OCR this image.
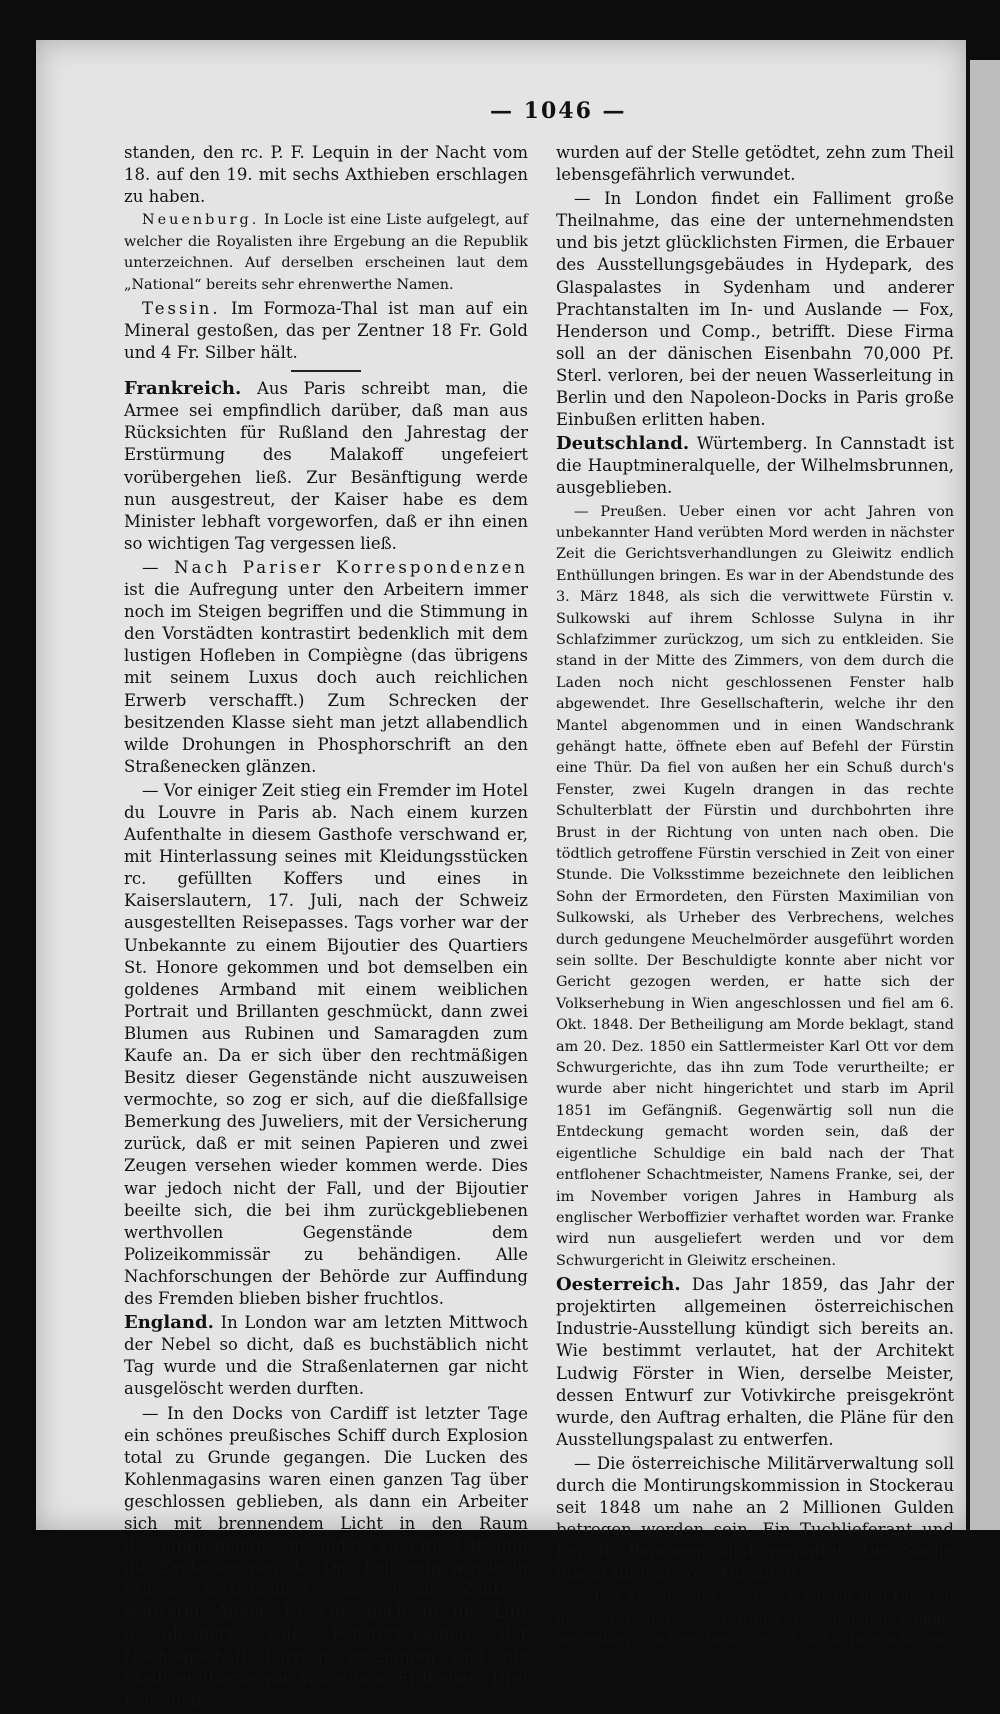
— 1046 —

standen, den rc. P. F. Lequin in der Nacht vom 18. auf den 19. mit sechs Axthieben erschlagen zu haben.

Neuenburg. In Locle ist eine Liste aufgelegt, auf welcher die Royalisten ihre Ergebung an die Republik unterzeichnen. Auf derselben erscheinen laut dem „National“ bereits sehr ehrenwerthe Namen.

Tessin. Im Formoza-Thal ist man auf ein Mineral gestoßen, das per Zentner 18 Fr. Gold und 4 Fr. Silber hält.

Frankreich. Aus Paris schreibt man, die Armee sei empfindlich darüber, daß man aus Rücksichten für Rußland den Jahrestag der Erstürmung des Malakoff ungefeiert vorübergehen ließ. Zur Besänftigung werde nun ausgestreut, der Kaiser habe es dem Minister lebhaft vorgeworfen, daß er ihn einen so wichtigen Tag vergessen ließ.

— Nach Pariser Korrespondenzen ist die Aufregung unter den Arbeitern immer noch im Steigen begriffen und die Stimmung in den Vorstädten kontrastirt bedenklich mit dem lustigen Hofleben in Compiègne (das übrigens mit seinem Luxus doch auch reichlichen Erwerb verschafft.) Zum Schrecken der besitzenden Klasse sieht man jetzt allabendlich wilde Drohungen in Phosphorschrift an den Straßenecken glänzen.

— Vor einiger Zeit stieg ein Fremder im Hotel du Louvre in Paris ab. Nach einem kurzen Aufenthalte in diesem Gasthofe verschwand er, mit Hinterlassung seines mit Kleidungsstücken rc. gefüllten Koffers und eines in Kaiserslautern, 17. Juli, nach der Schweiz ausgestellten Reisepasses. Tags vorher war der Unbekannte zu einem Bijoutier des Quartiers St. Honore gekommen und bot demselben ein goldenes Armband mit einem weiblichen Portrait und Brillanten geschmückt, dann zwei Blumen aus Rubinen und Samaragden zum Kaufe an. Da er sich über den rechtmäßigen Besitz dieser Gegenstände nicht auszuweisen vermochte, so zog er sich, auf die dießfallsige Bemerkung des Juweliers, mit der Versicherung zurück, daß er mit seinen Papieren und zwei Zeugen versehen wieder kommen werde. Dies war jedoch nicht der Fall, und der Bijoutier beeilte sich, die bei ihm zurückgebliebenen werthvollen Gegenstände dem Polizeikommissär zu behändigen. Alle Nachforschungen der Behörde zur Auffindung des Fremden blieben bisher fruchtlos.

England. In London war am letzten Mittwoch der Nebel so dicht, daß es buchstäblich nicht Tag wurde und die Straßenlaternen gar nicht ausgelöscht werden durften.

— In den Docks von Cardiff ist letzter Tage ein schönes preußisches Schiff durch Explosion total zu Grunde gegangen. Die Lucken des Kohlenmagasins waren einen ganzen Tag über geschlossen geblieben, als dann ein Arbeiter sich mit brennendem Licht in den Raum desselben begab, entzündete sich die Luft und die Explosion war da. Das Fahrzeug wurde in Stücke zertrümmert, ein vierzig Zentner schwerer Anker 15 Fuß hoch in die Luft geschleudert. Alle Fensterscheiben der Nachbarschaft klirrten zusammen und die Stadt erzitterte wie von einem Erdbeben. Drei Personen

wurden auf der Stelle getödtet, zehn zum Theil lebensgefährlich verwundet.

— In London findet ein Falliment große Theilnahme, das eine der unternehmendsten und bis jetzt glücklichsten Firmen, die Erbauer des Ausstellungsgebäudes in Hydepark, des Glaspalastes in Sydenham und anderer Prachtanstalten im In- und Auslande — Fox, Henderson und Comp., betrifft. Diese Firma soll an der dänischen Eisenbahn 70,000 Pf. Sterl. verloren, bei der neuen Wasserleitung in Berlin und den Napoleon-Docks in Paris große Einbußen erlitten haben.

Deutschland. Würtemberg. In Cannstadt ist die Hauptmineralquelle, der Wilhelmsbrunnen, ausgeblieben.

— Preußen. Ueber einen vor acht Jahren von unbekannter Hand verübten Mord werden in nächster Zeit die Gerichtsverhandlungen zu Gleiwitz endlich Enthüllungen bringen. Es war in der Abendstunde des 3. März 1848, als sich die verwittwete Fürstin v. Sulkowski auf ihrem Schlosse Sulyna in ihr Schlafzimmer zurückzog, um sich zu entkleiden. Sie stand in der Mitte des Zimmers, von dem durch die Laden noch nicht geschlossenen Fenster halb abgewendet. Ihre Gesellschafterin, welche ihr den Mantel abgenommen und in einen Wandschrank gehängt hatte, öffnete eben auf Befehl der Fürstin eine Thür. Da fiel von außen her ein Schuß durch's Fenster, zwei Kugeln drangen in das rechte Schulterblatt der Fürstin und durchbohrten ihre Brust in der Richtung von unten nach oben. Die tödtlich getroffene Fürstin verschied in Zeit von einer Stunde. Die Volksstimme bezeichnete den leiblichen Sohn der Ermordeten, den Fürsten Maximilian von Sulkowski, als Urheber des Verbrechens, welches durch gedungene Meuchelmörder ausgeführt worden sein sollte. Der Beschuldigte konnte aber nicht vor Gericht gezogen werden, er hatte sich der Volkserhebung in Wien angeschlossen und fiel am 6. Okt. 1848. Der Betheiligung am Morde beklagt, stand am 20. Dez. 1850 ein Sattlermeister Karl Ott vor dem Schwurgerichte, das ihn zum Tode verurtheilte; er wurde aber nicht hingerichtet und starb im April 1851 im Gefängniß. Gegenwärtig soll nun die Entdeckung gemacht worden sein, daß der eigentliche Schuldige ein bald nach der That entflohener Schachtmeister, Namens Franke, sei, der im November vorigen Jahres in Hamburg als englischer Werboffizier verhaftet worden war. Franke wird nun ausgeliefert werden und vor dem Schwurgericht in Gleiwitz erscheinen.

Oesterreich. Das Jahr 1859, das Jahr der projektirten allgemeinen österreichischen Industrie-Ausstellung kündigt sich bereits an. Wie bestimmt verlautet, hat der Architekt Ludwig Förster in Wien, derselbe Meister, dessen Entwurf zur Votivkirche preisgekrönt wurde, den Auftrag erhalten, die Pläne für den Ausstellungspalast zu entwerfen.

— Die österreichische Militärverwaltung soll durch die Montirungskommission in Stockerau seit 1848 um nahe an 2 Millionen Gulden betrogen worden sein. Ein Tuchlieferant und bei 40 Personen sind verhaftet. Die Sache macht ungeheures Aufsehen.

— Der Kaiser von Oesterreich hat für den Dombau in Speyer, der schon früher gespendeten Summe neuerdings ein Geschenk von 29,000 fl. folgen lassen.
